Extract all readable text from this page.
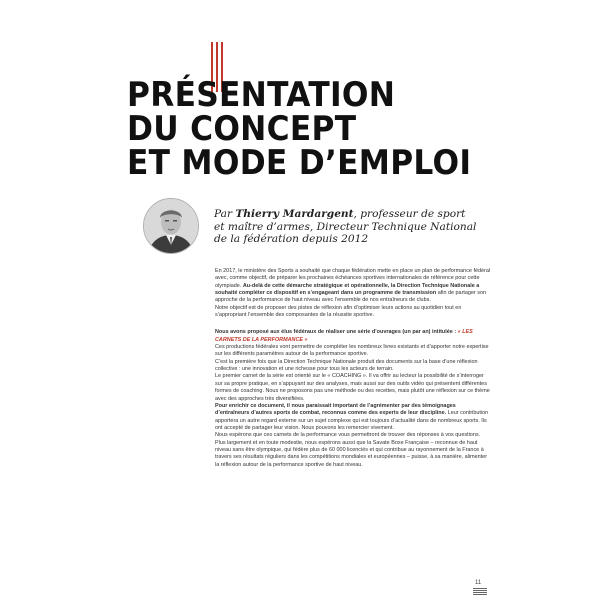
PRÉSENTATION
DU CONCEPT
ET MODE D’EMPLOI
Par Thierry Mardargent, professeur de sport
et maître d’armes, Directeur Technique National
de la fédération depuis 2012

En 2017, le ministère des Sports a souhaité que chaque fédération mette en place un plan de performance fédéral avec, comme objectif, de préparer les prochaines échéances sportives internationales de référence pour cette olympiade. Au-delà de cette démarche stratégique et opérationnelle, la Direction Technique Nationale a souhaité compléter ce dispositif en s’engageant dans un programme de transmission afin de partager son approche de la performance de haut niveau avec l’ensemble de nos entraîneurs de clubs.

Notre objectif est de proposer des pistes de réflexion afin d’optimiser leurs actions au quotidien tout en s’appropriant l’ensemble des composantes de la réussite sportive.

Nous avons proposé aux élus fédéraux de réaliser une série d’ouvrages (un par an) intitulée : « LES CARNETS DE LA PERFORMANCE »

Ces productions fédérales vont permettre de compléter les nombreux livres existants et d’apporter notre expertise sur les différents paramètres autour de la performance sportive.

C’est la première fois que la Direction Technique Nationale produit des documents sur la base d’une réflexion collective : une innovation et une richesse pour tous les acteurs de terrain.

Le premier carnet de la série est orienté sur le « COACHING ». Il va offrir au lecteur la possibilité de s’interroger sur sa propre pratique, en s’appuyant sur des analyses, mais aussi sur des outils vidéo qui présentent différentes formes de coaching. Nous ne proposons pas une méthode ou des recettes, mais plutôt une réflexion sur ce thème avec des approches très diversifiées.

Pour enrichir ce document, il nous paraissait important de l’agrémenter par des témoignages d’entraîneurs d’autres sports de combat, reconnus comme des experts de leur discipline. Leur contribution apportera un autre regard externe sur un sujet complexe qui est toujours d’actualité dans de nombreux sports. Ils ont accepté de partager leur vision. Nous pouvons les remercier vivement.

Nous espérons que ces carnets de la performance vous permettront de trouver des réponses à vos questions. Plus largement et en toute modestie, nous espérons aussi que la Savate Boxe Française – reconnue de haut niveau sans être olympique, qui fédère plus de 60 000 licenciés et qui contribue au rayonnement de la France à travers ses résultats réguliers dans les compétitions mondiales et européennes – puisse, à sa manière, alimenter la réflexion autour de la performance sportive de haut niveau.

11
